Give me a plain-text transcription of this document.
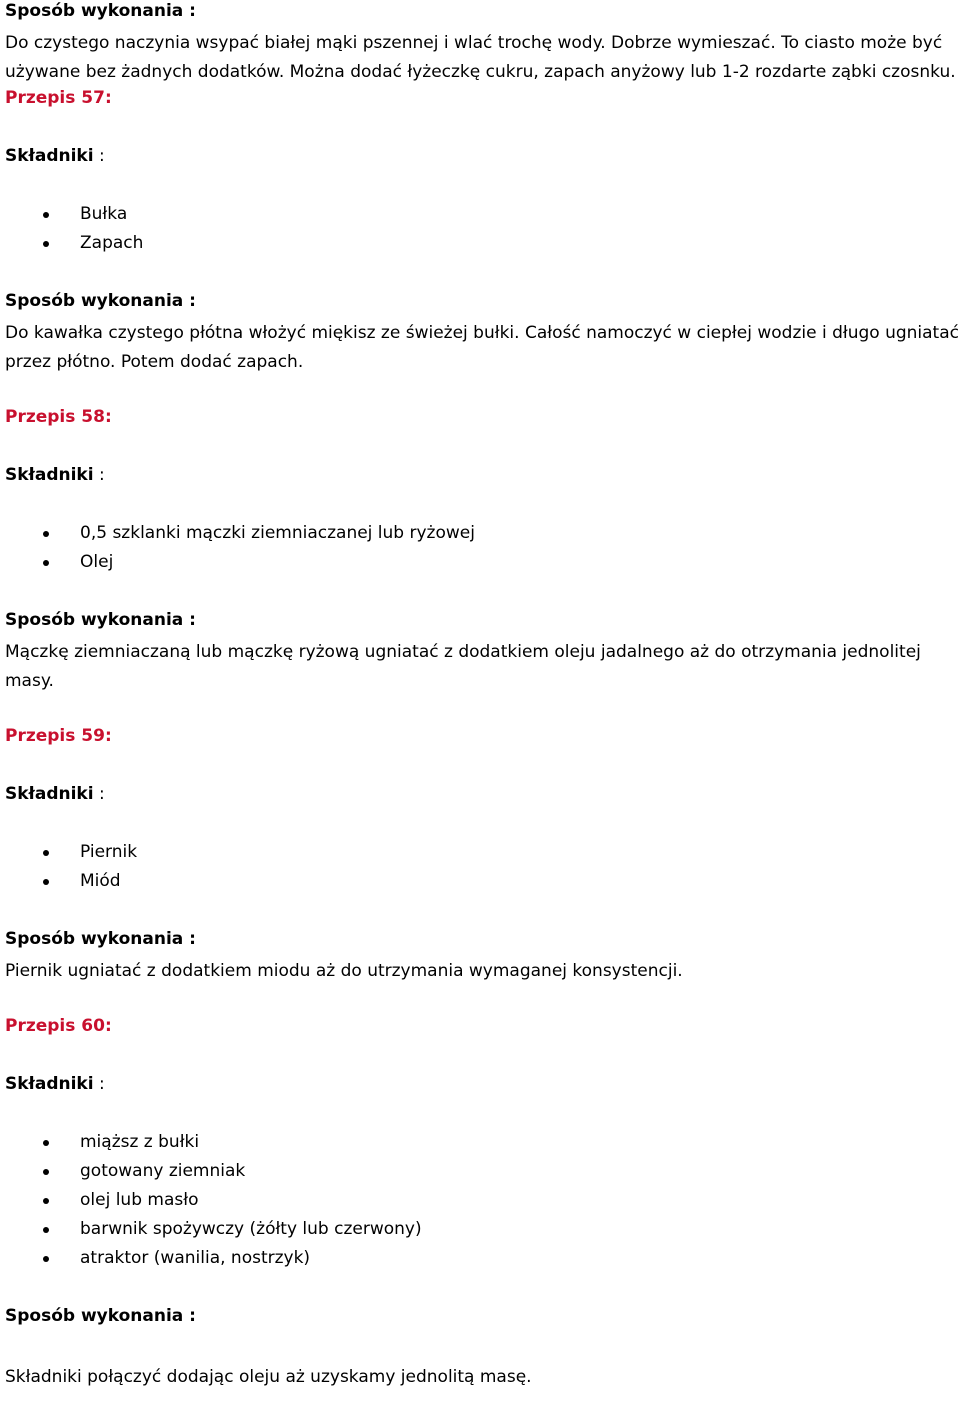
Sposób wykonania :

Do czystego naczynia wsypać białej mąki pszennej i wlać trochę wody. Dobrze wymieszać. To ciasto może być używane bez żadnych dodatków. Można dodać łyżeczkę cukru, zapach anyżowy lub 1-2 rozdarte ząbki czosnku.

Przepis 57:
Składniki :
Bułka
Zapach
Sposób wykonania :

Do kawałka czystego płótna włożyć miękisz ze świeżej bułki. Całość namoczyć w ciepłej wodzie i długo ugniatać przez płótno. Potem dodać zapach.

Przepis 58:
Składniki :
0,5 szklanki mączki ziemniaczanej lub ryżowej
Olej
Sposób wykonania :

Mączkę ziemniaczaną lub mączkę ryżową ugniatać z dodatkiem oleju jadalnego aż do otrzymania jednolitej masy.

Przepis 59:
Składniki :
Piernik
Miód
Sposób wykonania :

Piernik ugniatać z dodatkiem miodu aż do utrzymania wymaganej konsystencji.

Przepis 60:
Składniki :
miąższ z bułki
gotowany ziemniak
olej lub masło
barwnik spożywczy (żółty lub czerwony)
atraktor (wanilia, nostrzyk)
Sposób wykonania :

Składniki połączyć dodając oleju aż uzyskamy jednolitą masę.
